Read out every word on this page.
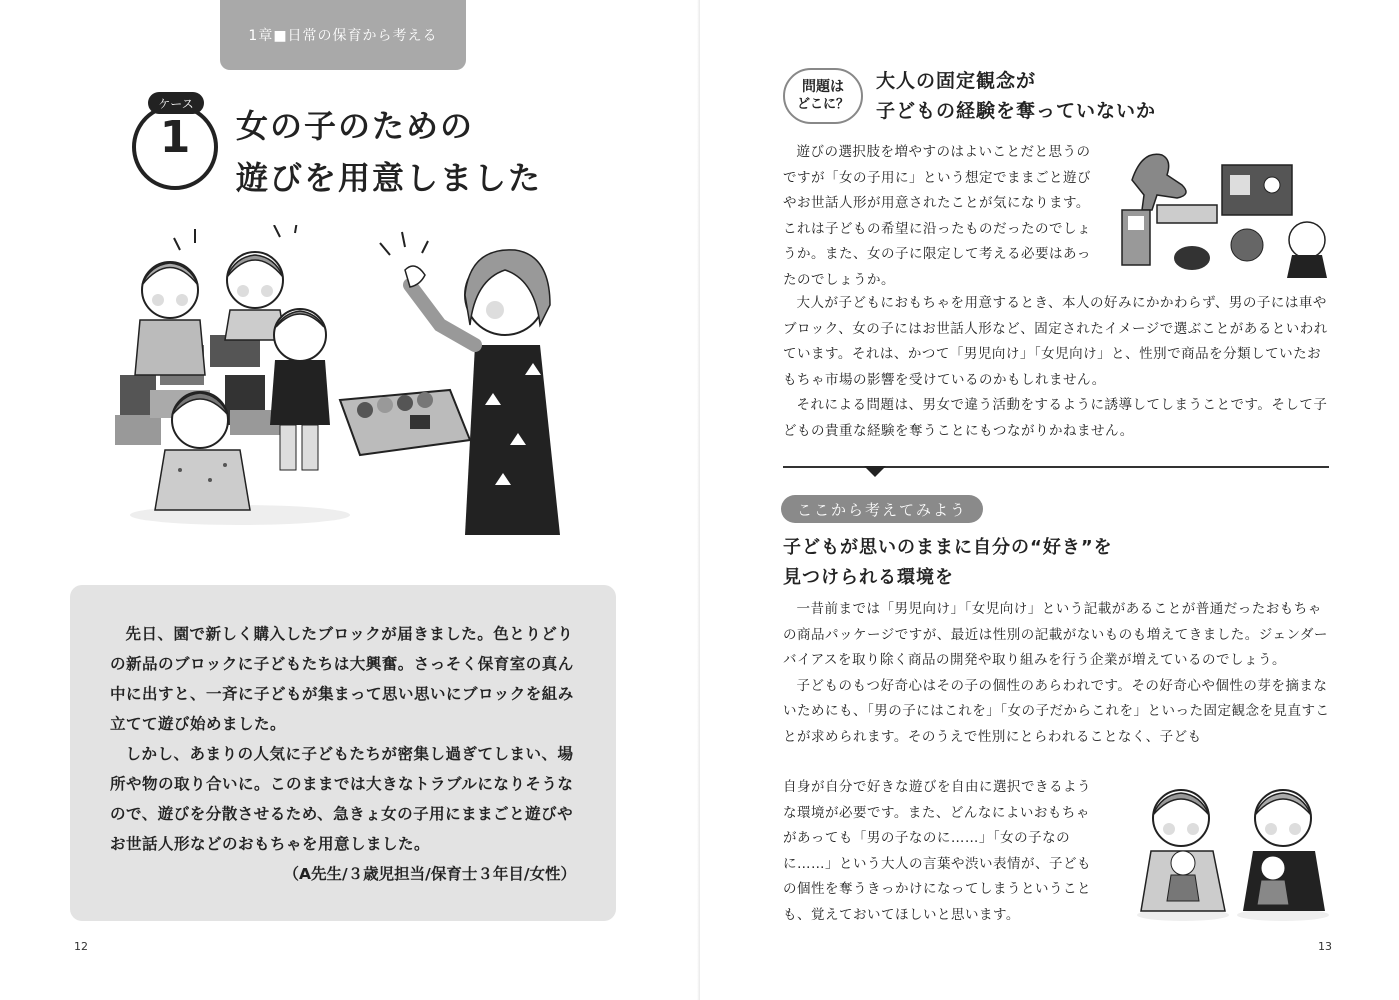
1章■日常の保育から考える
ケース
1	女の子のための
遊びを用意しました

先日、園で新しく購入したブロックが届きました。色とりどりの新品のブロックに子どもたちは大興奮。さっそく保育室の真ん中に出すと、一斉に子どもが集まって思い思いにブロックを組み立てて遊び始めました。

しかし、あまりの人気に子どもたちが密集し過ぎてしまい、場所や物の取り合いに。このままでは大きなトラブルになりそうなので、遊びを分散させるため、急きょ女の子用にままごと遊びやお世話人形などのおもちゃを用意しました。

（A先生/３歳児担当/保育士３年目/女性）

12
問題は
どこに？
大人の固定観念が
子どもの経験を奪っていないか

遊びの選択肢を増やすのはよいことだと思うのですが「女の子用に」という想定でままごと遊びやお世話人形が用意されたことが気になります。これは子どもの希望に沿ったものだったのでしょうか。また、女の子に限定して考える必要はあったのでしょうか。

大人が子どもにおもちゃを用意するとき、本人の好みにかかわらず、男の子には車やブロック、女の子にはお世話人形など、固定されたイメージで選ぶことがあるといわれています。それは、かつて「男児向け」「女児向け」と、性別で商品を分類していたおもちゃ市場の影響を受けているのかもしれません。

それによる問題は、男女で違う活動をするように誘導してしまうことです。そして子どもの貴重な経験を奪うことにもつながりかねません。

ここから考えてみよう
子どもが思いのままに自分の“好き”を
見つけられる環境を

一昔前までは「男児向け」「女児向け」という記載があることが普通だったおもちゃの商品パッケージですが、最近は性別の記載がないものも増えてきました。ジェンダーバイアスを取り除く商品の開発や取り組みを行う企業が増えているのでしょう。

子どものもつ好奇心はその子の個性のあらわれです。その好奇心や個性の芽を摘まないためにも、「男の子にはこれを」「女の子だからこれを」といった固定観念を見直すことが求められます。そのうえで性別にとらわれることなく、子ども

自身が自分で好きな遊びを自由に選択できるような環境が必要です。また、どんなによいおもちゃがあっても「男の子なのに……」「女の子なのに……」という大人の言葉や渋い表情が、子どもの個性を奪うきっかけになってしまうということも、覚えておいてほしいと思います。

13
